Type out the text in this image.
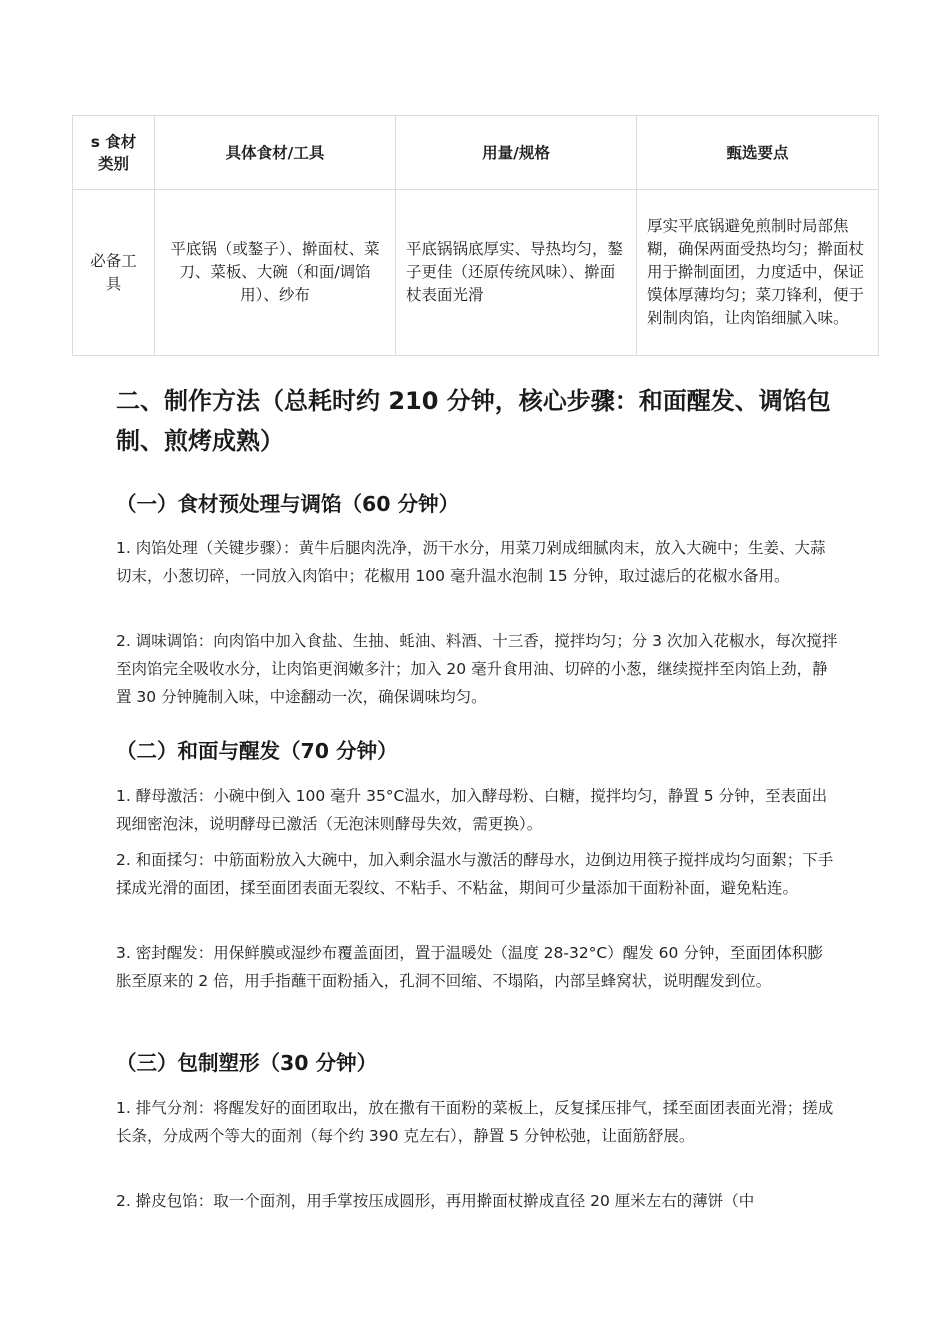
s 食材类别	具体食材/工具	用量/规格	甄选要点
必备工具	平底锅（或鏊子）、擀面杖、菜刀、菜板、大碗（和面/调馅用）、纱布	平底锅锅底厚实、导热均匀，鏊子更佳（还原传统风味）、擀面杖表面光滑	厚实平底锅避免煎制时局部焦糊，确保两面受热均匀；擀面杖用于擀制面团，力度适中，保证馍体厚薄均匀；菜刀锋利，便于剁制肉馅，让肉馅细腻入味。
二、制作方法（总耗时约 210 分钟，核心步骤：和面醒发、调馅包制、煎烤成熟）
（一）食材预处理与调馅（60 分钟）

1. 肉馅处理（关键步骤）：黄牛后腿肉洗净，沥干水分，用菜刀剁成细腻肉末，放入大碗中；生姜、大蒜切末，小葱切碎，一同放入肉馅中；花椒用 100 毫升温水泡制 15 分钟，取过滤后的花椒水备用。

2. 调味调馅：向肉馅中加入食盐、生抽、蚝油、料酒、十三香，搅拌均匀；分 3 次加入花椒水，每次搅拌至肉馅完全吸收水分，让肉馅更润嫩多汁；加入 20 毫升食用油、切碎的小葱，继续搅拌至肉馅上劲，静置 30 分钟腌制入味，中途翻动一次，确保调味均匀。

（二）和面与醒发（70 分钟）

1. 酵母激活：小碗中倒入 100 毫升 35°C温水，加入酵母粉、白糖，搅拌均匀，静置 5 分钟，至表面出现细密泡沫，说明酵母已激活（无泡沫则酵母失效，需更换）。

2. 和面揉匀：中筋面粉放入大碗中，加入剩余温水与激活的酵母水，边倒边用筷子搅拌成均匀面絮；下手揉成光滑的面团，揉至面团表面无裂纹、不粘手、不粘盆，期间可少量添加干面粉补面，避免粘连。

3. 密封醒发：用保鲜膜或湿纱布覆盖面团，置于温暖处（温度 28-32°C）醒发 60 分钟，至面团体积膨胀至原来的 2 倍，用手指蘸干面粉插入，孔洞不回缩、不塌陷，内部呈蜂窝状，说明醒发到位。

（三）包制塑形（30 分钟）

1. 排气分剂：将醒发好的面团取出，放在撒有干面粉的菜板上，反复揉压排气，揉至面团表面光滑；搓成长条，分成两个等大的面剂（每个约 390 克左右），静置 5 分钟松弛，让面筋舒展。

2. 擀皮包馅：取一个面剂，用手掌按压成圆形，再用擀面杖擀成直径 20 厘米左右的薄饼（中
